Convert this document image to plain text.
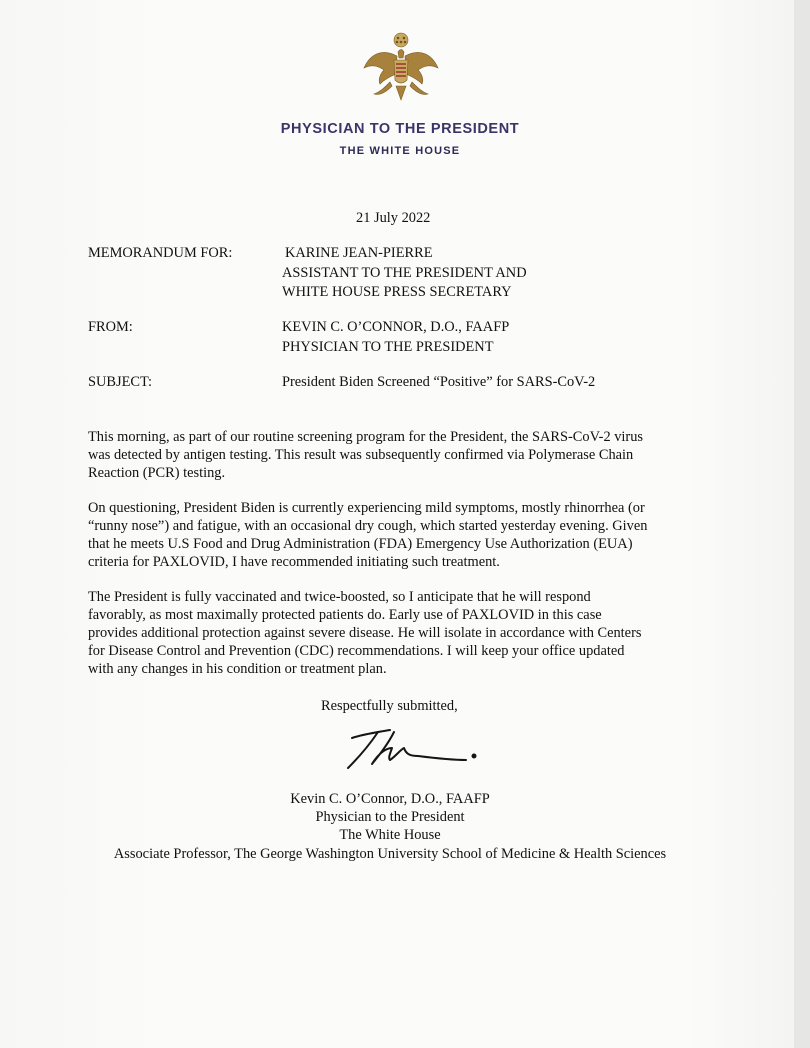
PHYSICIAN TO THE PRESIDENT
THE WHITE HOUSE
21 July 2022
MEMORANDUM FOR:	KARINE JEAN-PIERRE
ASSISTANT TO THE PRESIDENT AND
WHITE HOUSE PRESS SECRETARY
FROM:	KEVIN C. O’CONNOR, D.O., FAAFP
PHYSICIAN TO THE PRESIDENT
SUBJECT:	President Biden Screened “Positive” for SARS-CoV-2
This morning, as part of our routine screening program for the President, the SARS-CoV-2 virus
was detected by antigen testing. This result was subsequently confirmed via Polymerase Chain
Reaction (PCR) testing.
On questioning, President Biden is currently experiencing mild symptoms, mostly rhinorrhea (or
“runny nose”) and fatigue, with an occasional dry cough, which started yesterday evening. Given
that he meets U.S Food and Drug Administration (FDA) Emergency Use Authorization (EUA)
criteria for PAXLOVID, I have recommended initiating such treatment.
The President is fully vaccinated and twice-boosted, so I anticipate that he will respond
favorably, as most maximally protected patients do. Early use of PAXLOVID in this case
provides additional protection against severe disease. He will isolate in accordance with Centers
for Disease Control and Prevention (CDC) recommendations. I will keep your office updated
with any changes in his condition or treatment plan.
Respectfully submitted,
Kevin C. O’Connor, D.O., FAAFP
Physician to the President
The White House
Associate Professor, The George Washington University School of Medicine & Health Sciences
